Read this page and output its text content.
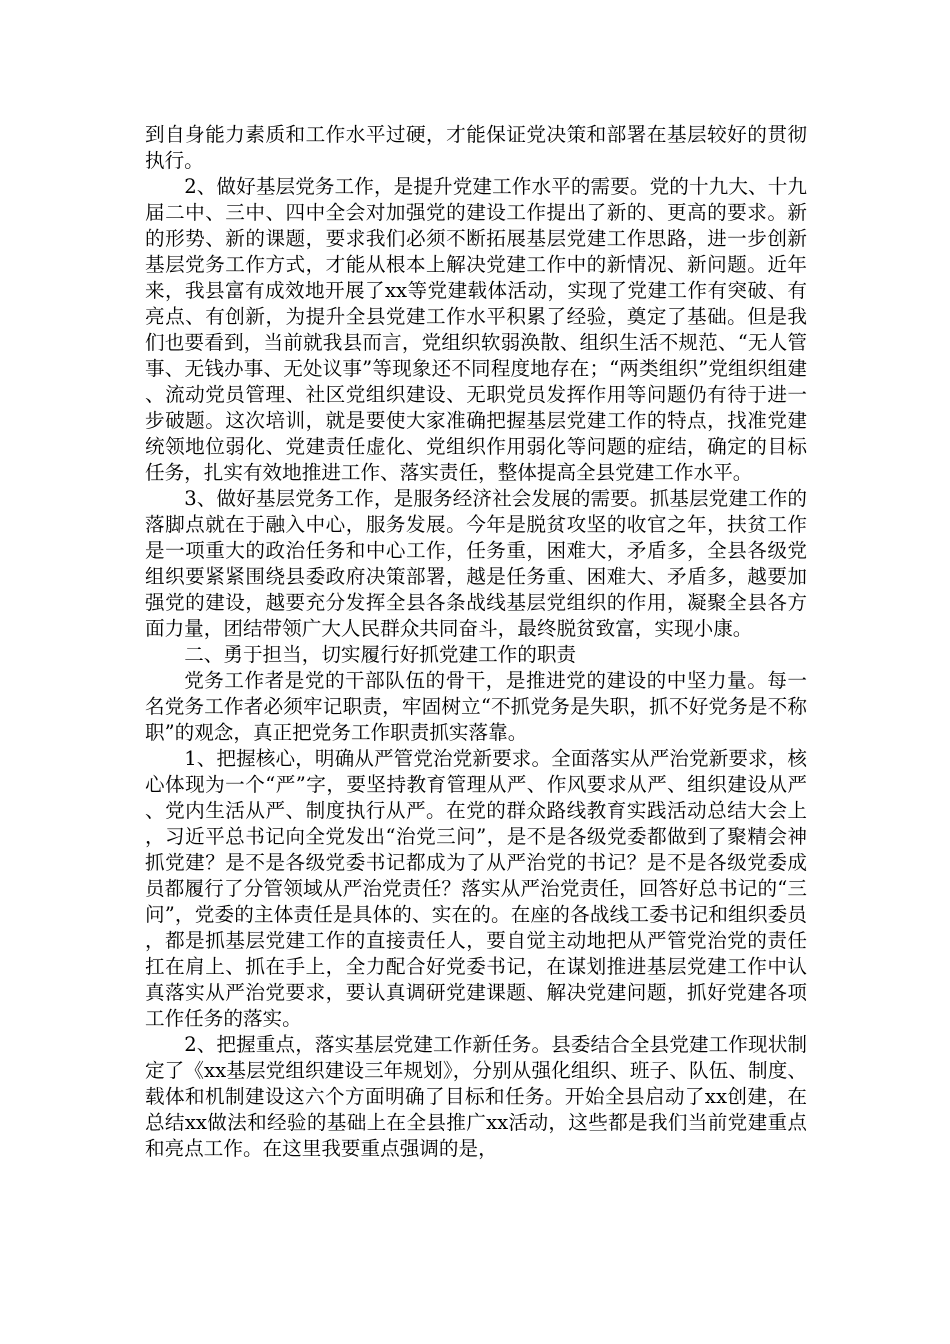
到自身能力素质和工作水平过硬，才能保证党决策和部署在基层较好的贯彻执行。

2、做好基层党务工作，是提升党建工作水平的需要。党的十九大、十九届二中、三中、四中全会对加强党的建设工作提出了新的、更高的要求。新的形势、新的课题，要求我们必须不断拓展基层党建工作思路，进一步创新基层党务工作方式，才能从根本上解决党建工作中的新情况、新问题。近年来，我县富有成效地开展了xx等党建载体活动，实现了党建工作有突破、有亮点、有创新，为提升全县党建工作水平积累了经验，奠定了基础。但是我们也要看到，当前就我县而言，党组织软弱涣散、组织生活不规范、“无人管事、无钱办事、无处议事”等现象还不同程度地存在；“两类组织”党组织组建、流动党员管理、社区党组织建设、无职党员发挥作用等问题仍有待于进一步破题。这次培训，就是要使大家准确把握基层党建工作的特点，找准党建统领地位弱化、党建责任虚化、党组织作用弱化等问题的症结，确定的目标任务，扎实有效地推进工作、落实责任，整体提高全县党建工作水平。

3、做好基层党务工作，是服务经济社会发展的需要。抓基层党建工作的落脚点就在于融入中心，服务发展。今年是脱贫攻坚的收官之年，扶贫工作是一项重大的政治任务和中心工作，任务重，困难大，矛盾多，全县各级党组织要紧紧围绕县委政府决策部署，越是任务重、困难大、矛盾多，越要加强党的建设，越要充分发挥全县各条战线基层党组织的作用，凝聚全县各方面力量，团结带领广大人民群众共同奋斗，最终脱贫致富，实现小康。

二、勇于担当，切实履行好抓党建工作的职责

党务工作者是党的干部队伍的骨干，是推进党的建设的中坚力量。每一名党务工作者必须牢记职责，牢固树立“不抓党务是失职，抓不好党务是不称职”的观念，真正把党务工作职责抓实落靠。

1、把握核心，明确从严管党治党新要求。全面落实从严治党新要求，核心体现为一个“严”字，要坚持教育管理从严、作风要求从严、组织建设从严、党内生活从严、制度执行从严。在党的群众路线教育实践活动总结大会上，习近平总书记向全党发出“治党三问”，是不是各级党委都做到了聚精会神抓党建？是不是各级党委书记都成为了从严治党的书记？是不是各级党委成员都履行了分管领域从严治党责任？落实从严治党责任，回答好总书记的“三问”，党委的主体责任是具体的、实在的。在座的各战线工委书记和组织委员，都是抓基层党建工作的直接责任人，要自觉主动地把从严管党治党的责任扛在肩上、抓在手上，全力配合好党委书记，在谋划推进基层党建工作中认真落实从严治党要求，要认真调研党建课题、解决党建问题，抓好党建各项工作任务的落实。

2、把握重点，落实基层党建工作新任务。县委结合全县党建工作现状制定了《xx基层党组织建设三年规划》，分别从强化组织、班子、队伍、制度、载体和机制建设这六个方面明确了目标和任务。开始全县启动了xx创建，在总结xx做法和经验的基础上在全县推广xx活动，这些都是我们当前党建重点和亮点工作。在这里我要重点强调的是，
